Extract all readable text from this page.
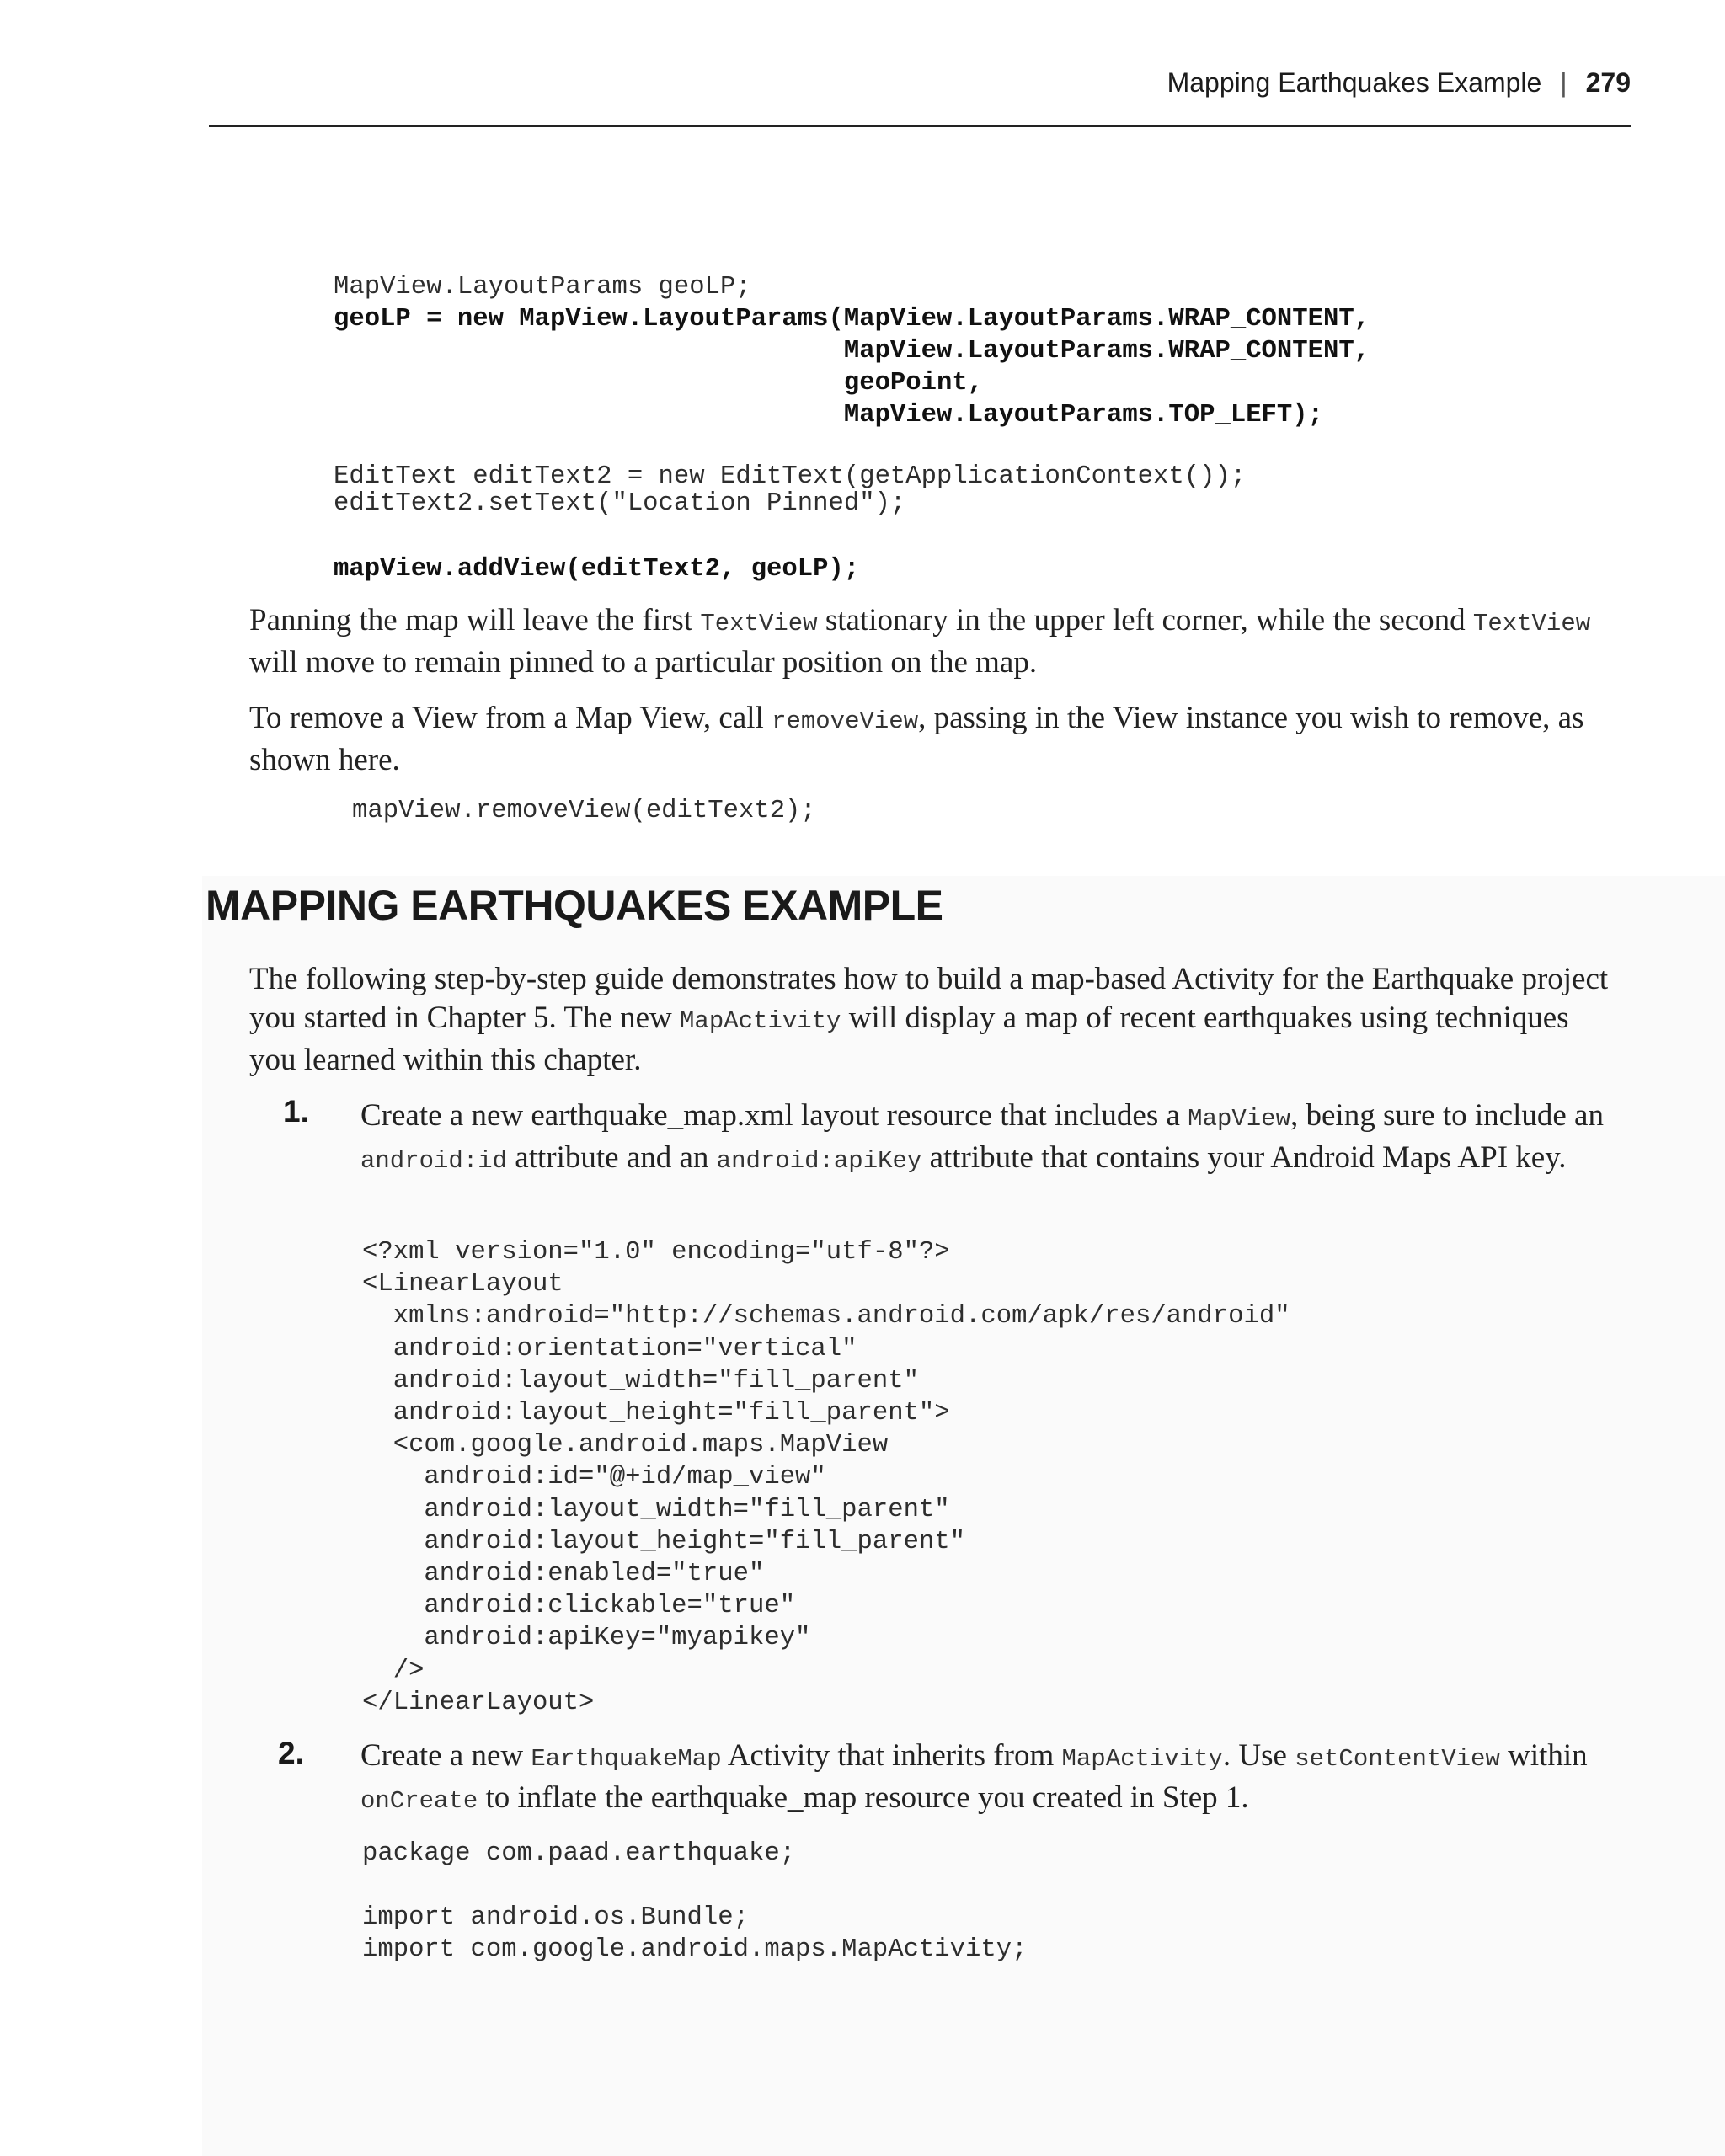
Mapping Earthquakes Example | 279
MapView.LayoutParams geoLP;
geoLP = new MapView.LayoutParams(MapView.LayoutParams.WRAP_CONTENT,
MapView.LayoutParams.WRAP_CONTENT,
geoPoint,
MapView.LayoutParams.TOP_LEFT);
EditText editText2 = new EditText(getApplicationContext());
editText2.setText("Location Pinned");
mapView.addView(editText2, geoLP);

Panning the map will leave the first TextView stationary in the upper left corner, while the second TextView will move to remain pinned to a particular position on the map.

To remove a View from a Map View, call removeView, passing in the View instance you wish to remove, as shown here.

mapView.removeView(editText2);
MAPPING EARTHQUAKES EXAMPLE

The following step-by-step guide demonstrates how to build a map-based Activity for the Earthquake project you started in Chapter 5. The new MapActivity will display a map of recent earthquakes using techniques you learned within this chapter.

1. Create a new earthquake_map.xml layout resource that includes a MapView, being sure to include an android:id attribute and an android:apiKey attribute that contains your Android Maps API key.

<?xml version="1.0" encoding="utf-8"?>
<LinearLayout
xmlns:android="http://schemas.android.com/apk/res/android"
android:orientation="vertical"
android:layout_width="fill_parent"
android:layout_height="fill_parent">
<com.google.android.maps.MapView
android:id="@+id/map_view"
android:layout_width="fill_parent"
android:layout_height="fill_parent"
android:enabled="true"
android:clickable="true"
android:apiKey="myapikey"
/>
</LinearLayout>
2. Create a new EarthquakeMap Activity that inherits from MapActivity. Use setContentView within onCreate to inflate the earthquake_map resource you created in Step 1.

package com.paad.earthquake;

import android.os.Bundle;
import com.google.android.maps.MapActivity;
